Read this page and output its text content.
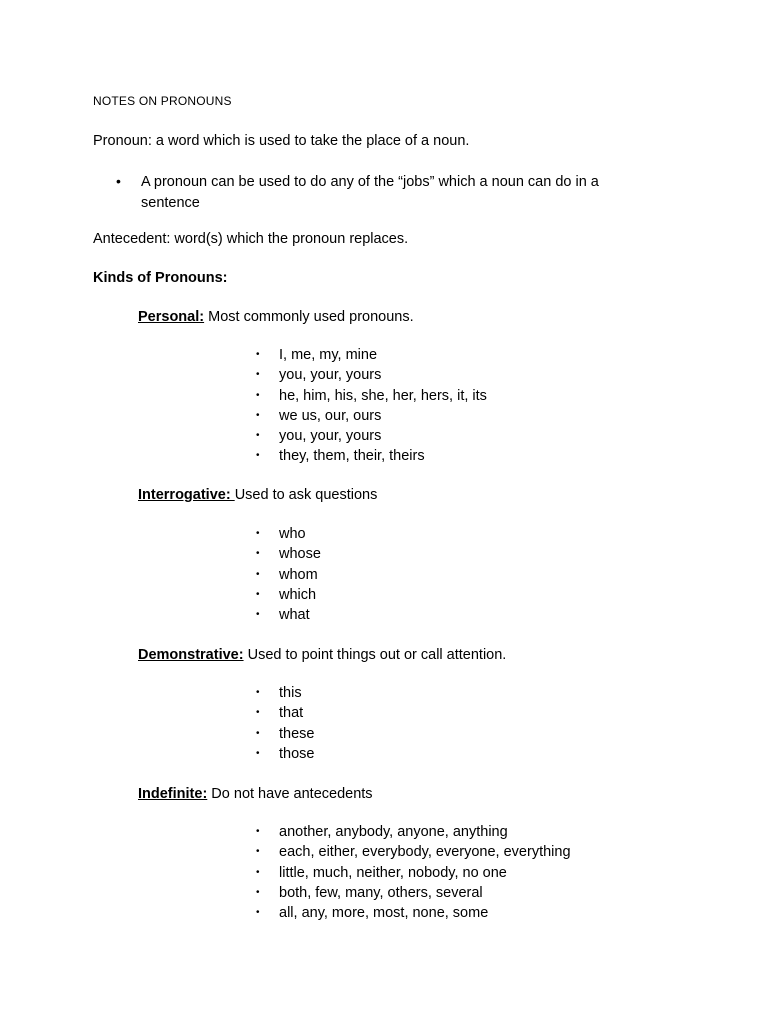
NOTES ON PRONOUNS
Pronoun: a word which is used to take the place of a noun.
• A pronoun can be used to do any of the “jobs” which a noun can do in a sentence
Antecedent: word(s) which the pronoun replaces.
Kinds of Pronouns:
Personal: Most commonly used pronouns.
• I, me, my, mine
• you, your, yours
• he, him, his, she, her, hers, it, its
• we us, our, ours
• you, your, yours
• they, them, their, theirs
Interrogative: Used to ask questions
• who
• whose
• whom
• which
• what
Demonstrative: Used to point things out or call attention.
• this
• that
• these
• those
Indefinite: Do not have antecedents
• another, anybody, anyone, anything
• each, either, everybody, everyone, everything
• little, much, neither, nobody, no one
• both, few, many, others, several
• all, any, more, most, none, some
